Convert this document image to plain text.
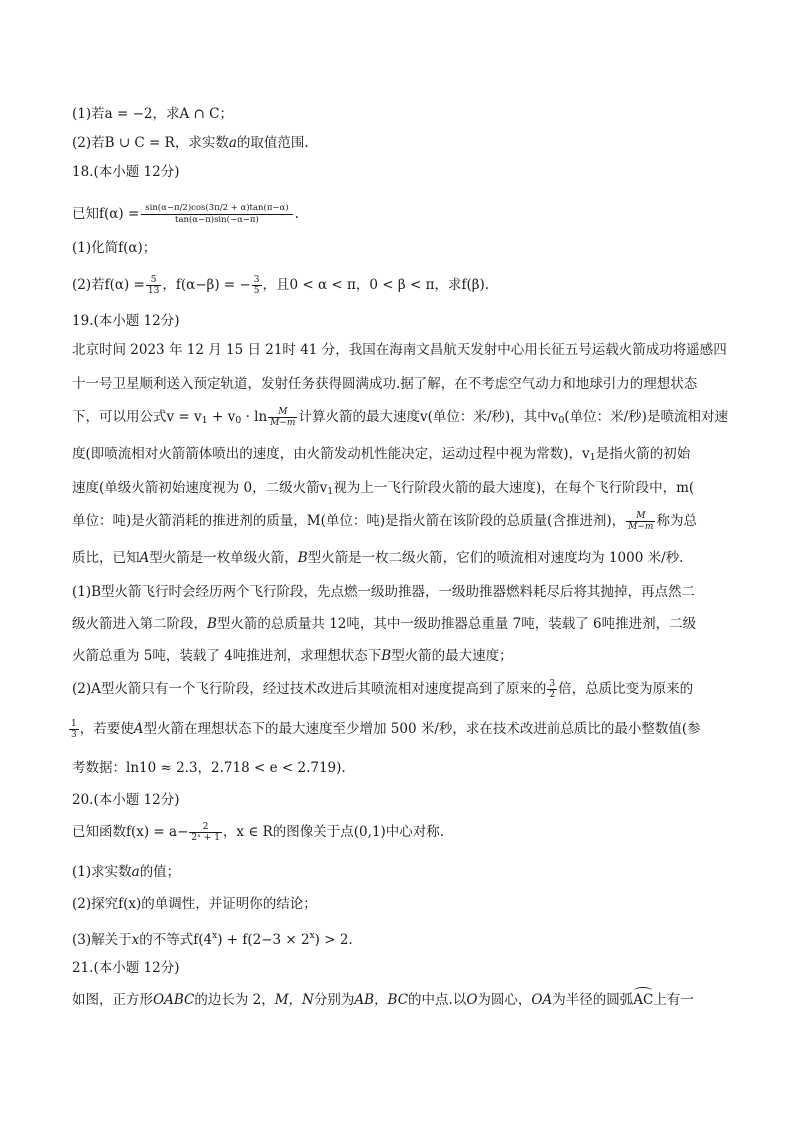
(1)若a = −2，求A ∩ C；
(2)若B ∪ C = R，求实数a的取值范围.
18.(本小题 12分)
已知$f(\alpha) = \frac{\sin(\alpha-\pi/2)\cos(3\pi/2 + \alpha)\tan(\pi-\alpha)}{\tan(\alpha-\pi)\sin(-\alpha-\pi)}$ .
(1)化简f(α)；
(2)若$f(\alpha) = \frac{5}{13}$ ，f(α−β) = − $\frac{3}{5}$ ，且0 < α < π，0 < β < π，求f(β).
19.(本小题 12分)
北京时间 2023 年 12 月 15 日 21时 41 分，我国在海南文昌航天发射中心用长征五号运载火箭成功将遥感四
十一号卫星顺利送入预定轨道，发射任务获得圆满成功.据了解，在不考虑空气动力和地球引力的理想状态
下，可以用公式$v = v_1 + v_0 \cdot \ln \frac{M}{M-m}$ 计算火箭的最大速度v(单位：米/秒)，其中$v_0$(单位：米/秒)是喷流相对速
度(即喷流相对火箭箭体喷出的速度，由火箭发动机性能决定，运动过程中视为常数)，$v_1$是指火箭的初始
速度(单级火箭初始速度视为 0，二级火箭$v_1$视为上一飞行阶段火箭的最大速度)，在每个飞行阶段中，m(
单位：吨)是火箭消耗的推进剂的质量，M(单位：吨)是指火箭在该阶段的总质量(含推进剂)， $\frac{M}{M-m}$ 称为总
质比，已知A型火箭是一枚单级火箭，B型火箭是一枚二级火箭，它们的喷流相对速度均为 1000 米/秒.
(1)B型火箭飞行时会经历两个飞行阶段，先点燃一级助推器，一级助推器燃料耗尽后将其抛掉，再点然二
级火箭进入第二阶段，B型火箭的总质量共 12吨，其中一级助推器总重量 7吨，装载了 6吨推进剂，二级
火箭总重为 5吨，装载了 4吨推进剂，求理想状态下B型火箭的最大速度；
(2)A型火箭只有一个飞行阶段，经过技术改进后其喷流相对速度提高到了原来的 $\frac{3}{2}$ 倍，总质比变为原来的
$\frac{1}{3}$ ，若要使A型火箭在理想状态下的最大速度至少增加 500 米/秒，求在技术改进前总质比的最小整数值(参
考数据：ln10 ≈ 2.3，2.718 < e < 2.719).
20.(本小题 12分)
已知函数$f(x) = a- \frac{2}{\text{2ˣ + 1}}$ ，x ∈ R的图像关于点(0,1)中心对称.
(1)求实数a的值；
(2)探究f(x)的单调性，并证明你的结论；
(3)解关于x的不等式$f(4^x) + f(2-3 \times 2^x) > 2$.
21.(本小题 12分)
如图，正方形OABC的边长为 2，M，N分别为AB，BC的中点.以O为圆心，OA为半径的圆弧
AC上有一
